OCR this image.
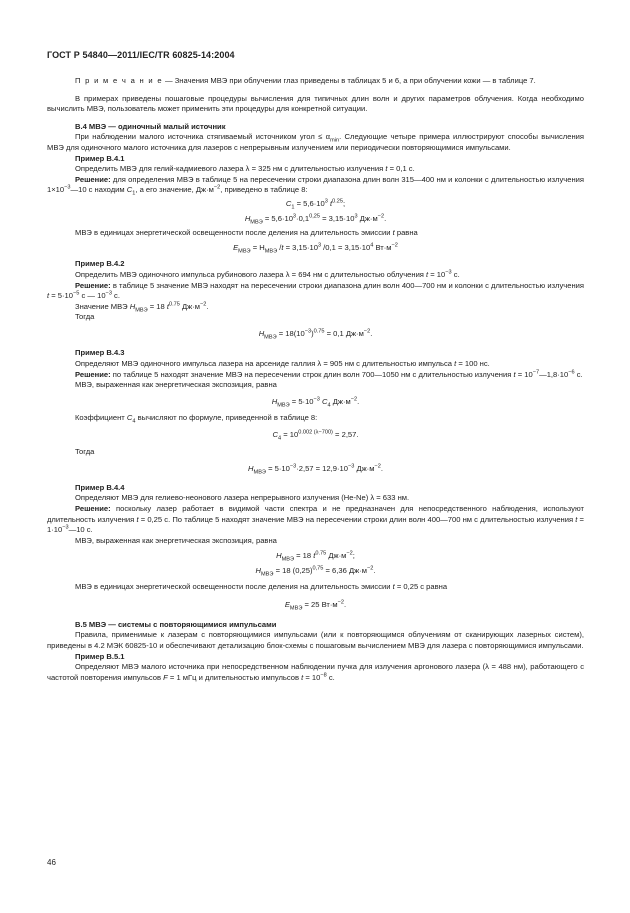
ГОСТ Р 54840—2011/IEC/TR 60825-14:2004

П р и м е ч а н и е — Значения МВЭ при облучении глаз приведены в таблицах 5 и 6, а при облучении кожи — в таблице 7.

В примерах приведены пошаговые процедуры вычисления для типичных длин волн и других параметров облучения. Когда необходимо вычислить МВЭ, пользователь может применить эти процедуры для конкретной ситуации.

В.4 МВЭ — одиночный малый источник

При наблюдении малого источника стягиваемый источником угол ≤ $\alpha_{min}$. Следующие четыре примера иллюстрируют способы вычисления МВЭ для одиночного малого источника для лазеров с непрерывным излучением или периодически повторяющимися импульсами.

Пример В.4.1

Определить МВЭ для гелий-кадмиевого лазера λ = 325 нм с длительностью излучения t = 0,1 с.

Решение: для определения МВЭ в таблице 5 на пересечении строки диапазона длин волн 315—400 нм и колонки с длительностью излучения $1\times 10^{-3}—10$ с находим $C_1$, а его значение, $Дж\cdot м^{-2}$, приведено в таблице 8:

$C_1 = 5,6\cdot 10^3$ $t^{0.25}$;

$H_{МВЭ} = 5,6\cdot 10^3\cdot 0,1^{0,25} = 3,15\cdot 10^3$ $Дж\cdot м^{-2}$.

МВЭ в единицах энергетической освещенности после деления на длительность эмиссии t равна

$E_{МВЭ} = H_{МВЭ}$ $/t = 3,15\cdot 10^3$ $/0,1 = 3,15\cdot 10^4$ $Вт\cdot м^{-2}$

Пример В.4.2

Определить МВЭ одиночного импульса рубинового лазера λ = 694 нм с длительностью облучения $t = 10^{-3}$ с.

Решение: в таблице 5 значение МВЭ находят на пересечении строки диапазона длин волн 400—700 нм и колонки с длительностью излучения $t = 5\cdot 10^{-5}$ с — $10^{-3}$ с.

Значение МВЭ $H_{МВЭ} = 18$ $t^{0.75}$ $Дж\cdot м^{-2}$.

Тогда

$H_{МВЭ} = 18(10^{-3})^{0.75} = 0,1$ $Дж\cdot м^{-2}$.

Пример В.4.3

Определяют МВЭ одиночного импульса лазера на арсениде галлия λ = 905 нм с длительностью импульса t = 100 нс.

Решение: по таблице 5 находят значение МВЭ на пересечении строк длин волн 700—1050 нм с длительностью излучения $t = 10^{-7}—1,8\cdot 10^{-6}$ с.

МВЭ, выраженная как энергетическая экспозиция, равна

$H_{МВЭ} = 5\cdot 10^{-3}$ $C_4$ $Дж\cdot м^{-2}$.

Коэффициент $C_4$ вычисляют по формуле, приведенной в таблице 8:

$C_4 = 10^{0.002 (\lambda-700)} = 2,57$.

Тогда

$H_{МВЭ} = 5\cdot 10^{-3}\cdot 2,57 = 12,9\cdot 10^{-3}$ $Дж\cdot м^{-2}$.

Пример В.4.4

Определяют МВЭ для гелиево-неонового лазера непрерывного излучения (He-Ne) λ = 633 нм.

Решение: поскольку лазер работает в видимой части спектра и не предназначен для непосредственного наблюдения, используют длительность излучения t = 0,25 с. По таблице 5 находят значение МВЭ на пересечении строки длин волн 400—700 нм с длительностью излучения $t = 1\cdot 10^{-3}—10$ с.

МВЭ, выраженная как энергетическая экспозиция, равна

$H_{МВЭ} = 18$ $t^{0.75}$ $Дж\cdot м^{-2}$;

$H_{МВЭ} = 18$ $(0,25)^{0,75} = 6,36$ $Дж\cdot м^{-2}$.

МВЭ в единицах энергетической освещенности после деления на длительность эмиссии t = 0,25 с равна

$E_{МВЭ} = 25$ $Вт\cdot м^{-2}$.

В.5 МВЭ — системы с повторяющимися импульсами

Правила, применимые к лазерам с повторяющимися импульсами (или к повторяющимся облучениям от сканирующих лазерных систем), приведены в 4.2 МЭК 60825-10 и обеспечивают детализацию блок-схемы с пошаговым вычислением МВЭ для лазера с повторяющимися импульсами.

Пример В.5.1

Определяют МВЭ малого источника при непосредственном наблюдении пучка для излучения аргонового лазера (λ = 488 нм), работающего с частотой повторения импульсов F = 1 мГц и длительностью импульсов $t = 10^{-8}$ с.

46
